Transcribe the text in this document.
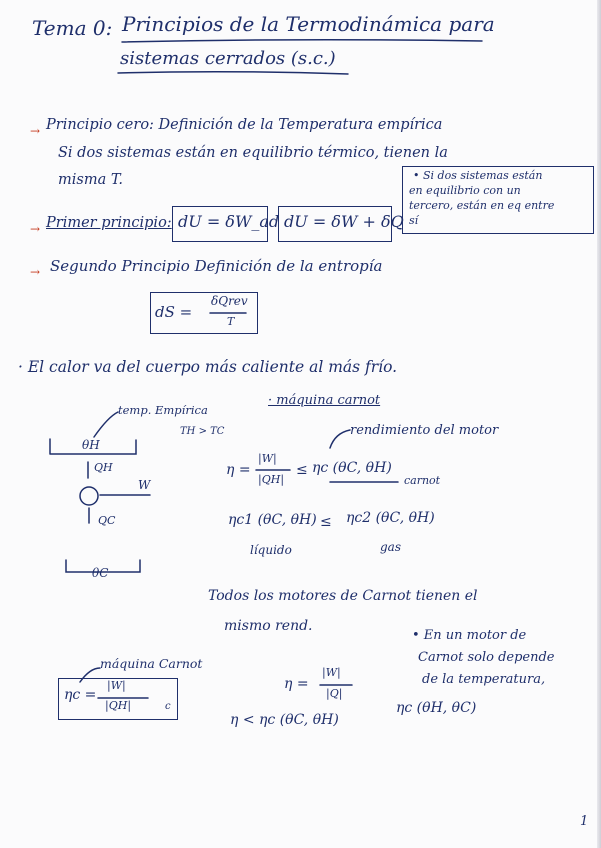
Tema 0: Principios de la Termodinámica para
sistemas cerrados (s.c.)
→ Principio cero: Definición de la Temperatura empírica
Si dos sistemas están en equilibrio térmico, tienen la
misma T.	• Si dos sistemas están
en equilibrio con un
tercero, están en eq entre
sí
→ Primer principio: dU = δW_ad dU = δW + δQ
→ Segundo Principio Definición de la entropía
dS =
δQrev
T
· El calor va del cuerpo más caliente al más frío.
temp. Empírica
TH > TC
θH
QH
W
QC
θC
· máquina carnot
rendimiento del motor
η =
|W|
|QH|
≤ ηc (θC, θH)
carnot
ηc1 (θC, θH) ≤ ηc2 (θC, θH)
líquido	gas
Todos los motores de Carnot tienen el
mismo rend.
máquina Carnot
ηc =
|W|
|QH|	c
η =
|W|
|Q|
η < ηc (θC, θH)
• En un motor de
Carnot solo depende
de la temperatura,
ηc (θH, θC)
1
